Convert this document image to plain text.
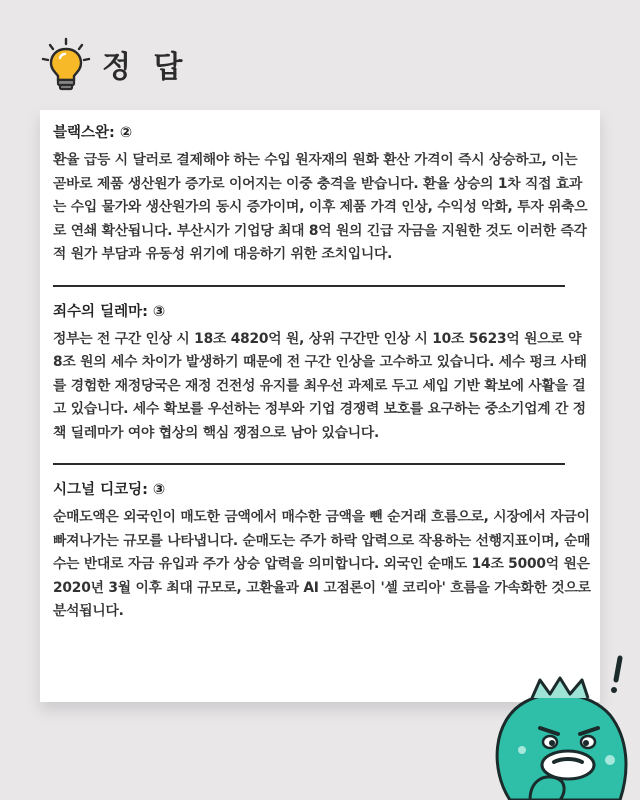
정 답

블랙스완: ②

환율 급등 시 달러로 결제해야 하는 수입 원자재의 원화 환산 가격이 즉시 상승하고, 이는 곧바로 제품 생산원가 증가로 이어지는 이중 충격을 받습니다. 환율 상승의 1차 직접 효과는 수입 물가와 생산원가의 동시 증가이며, 이후 제품 가격 인상, 수익성 악화, 투자 위축으로 연쇄 확산됩니다. 부산시가 기업당 최대 8억 원의 긴급 자금을 지원한 것도 이러한 즉각적 원가 부담과 유동성 위기에 대응하기 위한 조치입니다.

죄수의 딜레마: ③

정부는 전 구간 인상 시 18조 4820억 원, 상위 구간만 인상 시 10조 5623억 원으로 약 8조 원의 세수 차이가 발생하기 때문에 전 구간 인상을 고수하고 있습니다. 세수 펑크 사태를 경험한 재정당국은 재정 건전성 유지를 최우선 과제로 두고 세입 기반 확보에 사활을 걸고 있습니다. 세수 확보를 우선하는 정부와 기업 경쟁력 보호를 요구하는 중소기업계 간 정책 딜레마가 여야 협상의 핵심 쟁점으로 남아 있습니다.

시그널 디코딩: ③

순매도액은 외국인이 매도한 금액에서 매수한 금액을 뺀 순거래 흐름으로, 시장에서 자금이 빠져나가는 규모를 나타냅니다. 순매도는 주가 하락 압력으로 작용하는 선행지표이며, 순매수는 반대로 자금 유입과 주가 상승 압력을 의미합니다. 외국인 순매도 14조 5000억 원은 2020년 3월 이후 최대 규모로, 고환율과 AI 고점론이 '셀 코리아' 흐름을 가속화한 것으로 분석됩니다.
